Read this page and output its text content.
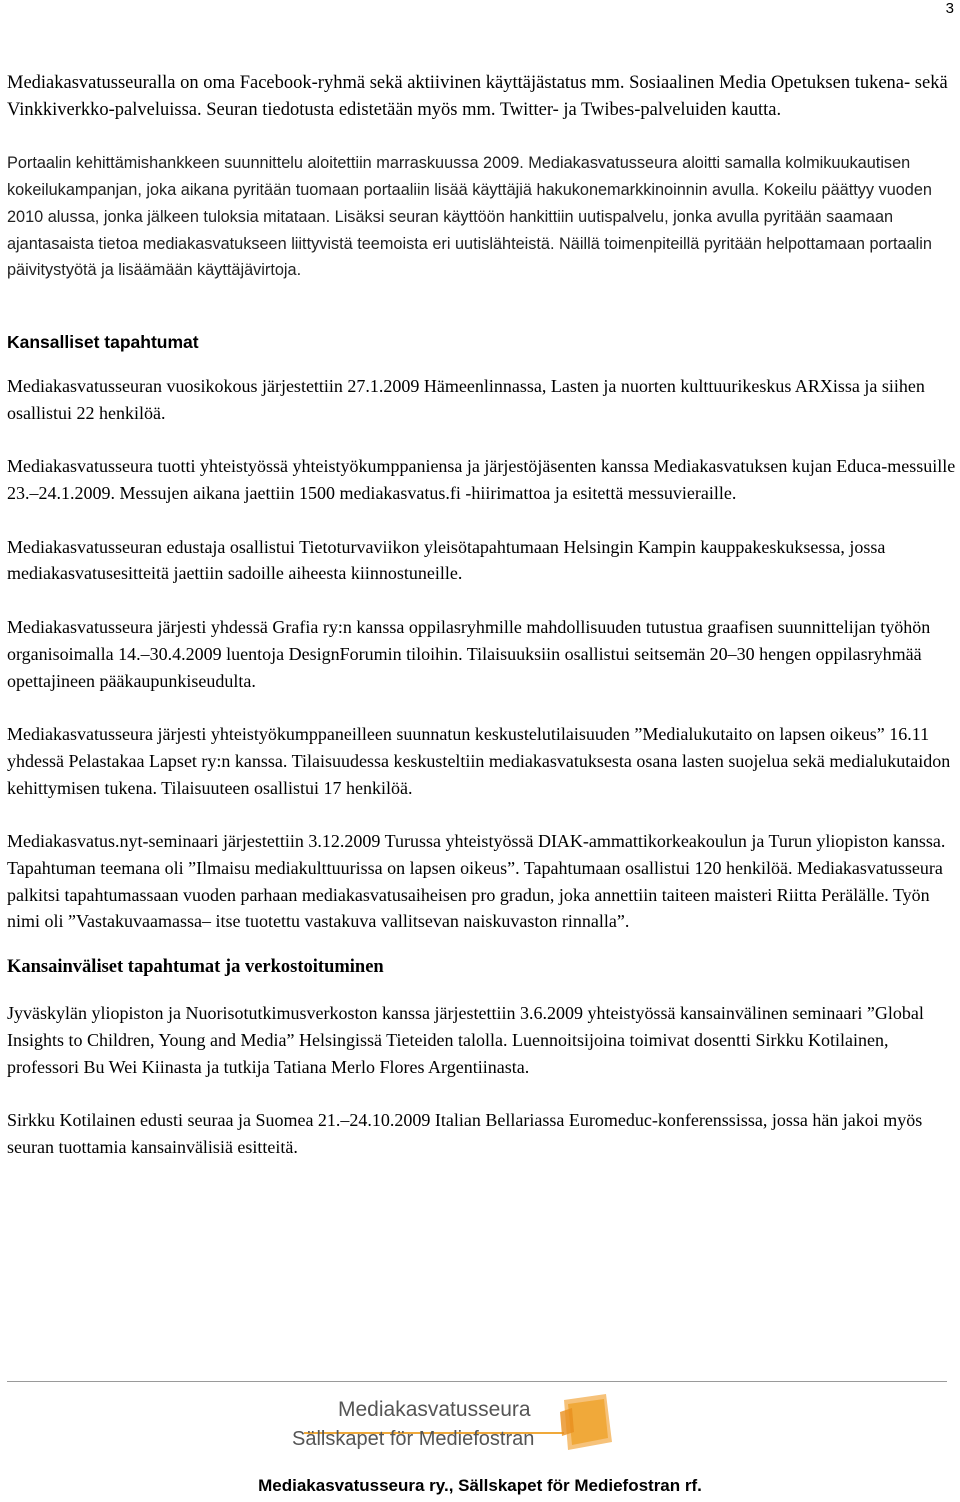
3

Mediakasvatusseuralla on oma Facebook-ryhmä sekä aktiivinen käyttäjästatus mm. Sosiaalinen Media Opetuksen tukena- sekä Vinkkiverkko-palveluissa. Seuran tiedotusta edistetään myös mm. Twitter- ja Twibes-palveluiden kautta.

Portaalin kehittämishankkeen suunnittelu aloitettiin marraskuussa 2009. Mediakasvatusseura aloitti samalla kolmikuukautisen kokeilukampanjan, joka aikana pyritään tuomaan portaaliin lisää käyttäjiä hakukonemarkkinoinnin avulla. Kokeilu päättyy vuoden 2010 alussa, jonka jälkeen tuloksia mitataan. Lisäksi seuran käyttöön hankittiin uutispalvelu, jonka avulla pyritään saamaan ajantasaista tietoa mediakasvatukseen liittyvistä teemoista eri uutislähteistä. Näillä toimenpiteillä pyritään helpottamaan portaalin päivitystyötä ja lisäämään käyttäjävirtoja.

Kansalliset tapahtumat

Mediakasvatusseuran vuosikokous järjestettiin 27.1.2009 Hämeenlinnassa, Lasten ja nuorten kulttuurikeskus ARXissa ja siihen osallistui 22 henkilöä.

Mediakasvatusseura tuotti yhteistyössä yhteistyökumppaniensa ja järjestöjäsenten kanssa Mediakasvatuksen kujan Educa-messuille 23.–24.1.2009. Messujen aikana jaettiin 1500 mediakasvatus.fi -hiirimattoa ja esitettä messuvieraille.

Mediakasvatusseuran edustaja osallistui Tietoturvaviikon yleisötapahtumaan Helsingin Kampin kauppakeskuksessa, jossa mediakasvatusesitteitä jaettiin sadoille aiheesta kiinnostuneille.

Mediakasvatusseura järjesti yhdessä Grafia ry:n kanssa oppilasryhmille mahdollisuuden tutustua graafisen suunnittelijan työhön organisoimalla 14.–30.4.2009 luentoja DesignForumin tiloihin. Tilaisuuksiin osallistui seitsemän 20–30 hengen oppilasryhmää opettajineen pääkaupunkiseudulta.

Mediakasvatusseura järjesti yhteistyökumppaneilleen suunnatun keskustelutilaisuuden ”Medialukutaito on lapsen oikeus” 16.11 yhdessä Pelastakaa Lapset ry:n kanssa. Tilaisuudessa keskusteltiin mediakasvatuksesta osana lasten suojelua sekä medialukutaidon kehittymisen tukena. Tilaisuuteen osallistui 17 henkilöä.

Mediakasvatus.nyt-seminaari järjestettiin 3.12.2009 Turussa yhteistyössä DIAK-ammattikorkeakoulun ja Turun yliopiston kanssa. Tapahtuman teemana oli ”Ilmaisu mediakulttuurissa on lapsen oikeus”. Tapahtumaan osallistui 120 henkilöä. Mediakasvatusseura palkitsi tapahtumassaan vuoden parhaan mediakasvatusaiheisen pro gradun, joka annettiin taiteen maisteri Riitta Perälälle. Työn nimi oli ”Vastakuvaamassa– itse tuotettu vastakuva vallitsevan naiskuvaston rinnalla”.

Kansainväliset tapahtumat ja verkostoituminen

Jyväskylän yliopiston ja Nuorisotutkimusverkoston kanssa järjestettiin 3.6.2009 yhteistyössä kansainvälinen seminaari ”Global Insights to Children, Young and Media” Helsingissä Tieteiden talolla. Luennoitsijoina toimivat dosentti Sirkku Kotilainen, professori Bu Wei Kiinasta ja tutkija Tatiana Merlo Flores Argentiinasta.

Sirkku Kotilainen edusti seuraa ja Suomea 21.–24.10.2009 Italian Bellariassa Euromeduc-konferenssissa, jossa hän jakoi myös seuran tuottamia kansainvälisiä esitteitä.

Mediakasvatusseura
Sällskapet för Mediefostran
Mediakasvatusseura ry., Sällskapet för Mediefostran rf.
